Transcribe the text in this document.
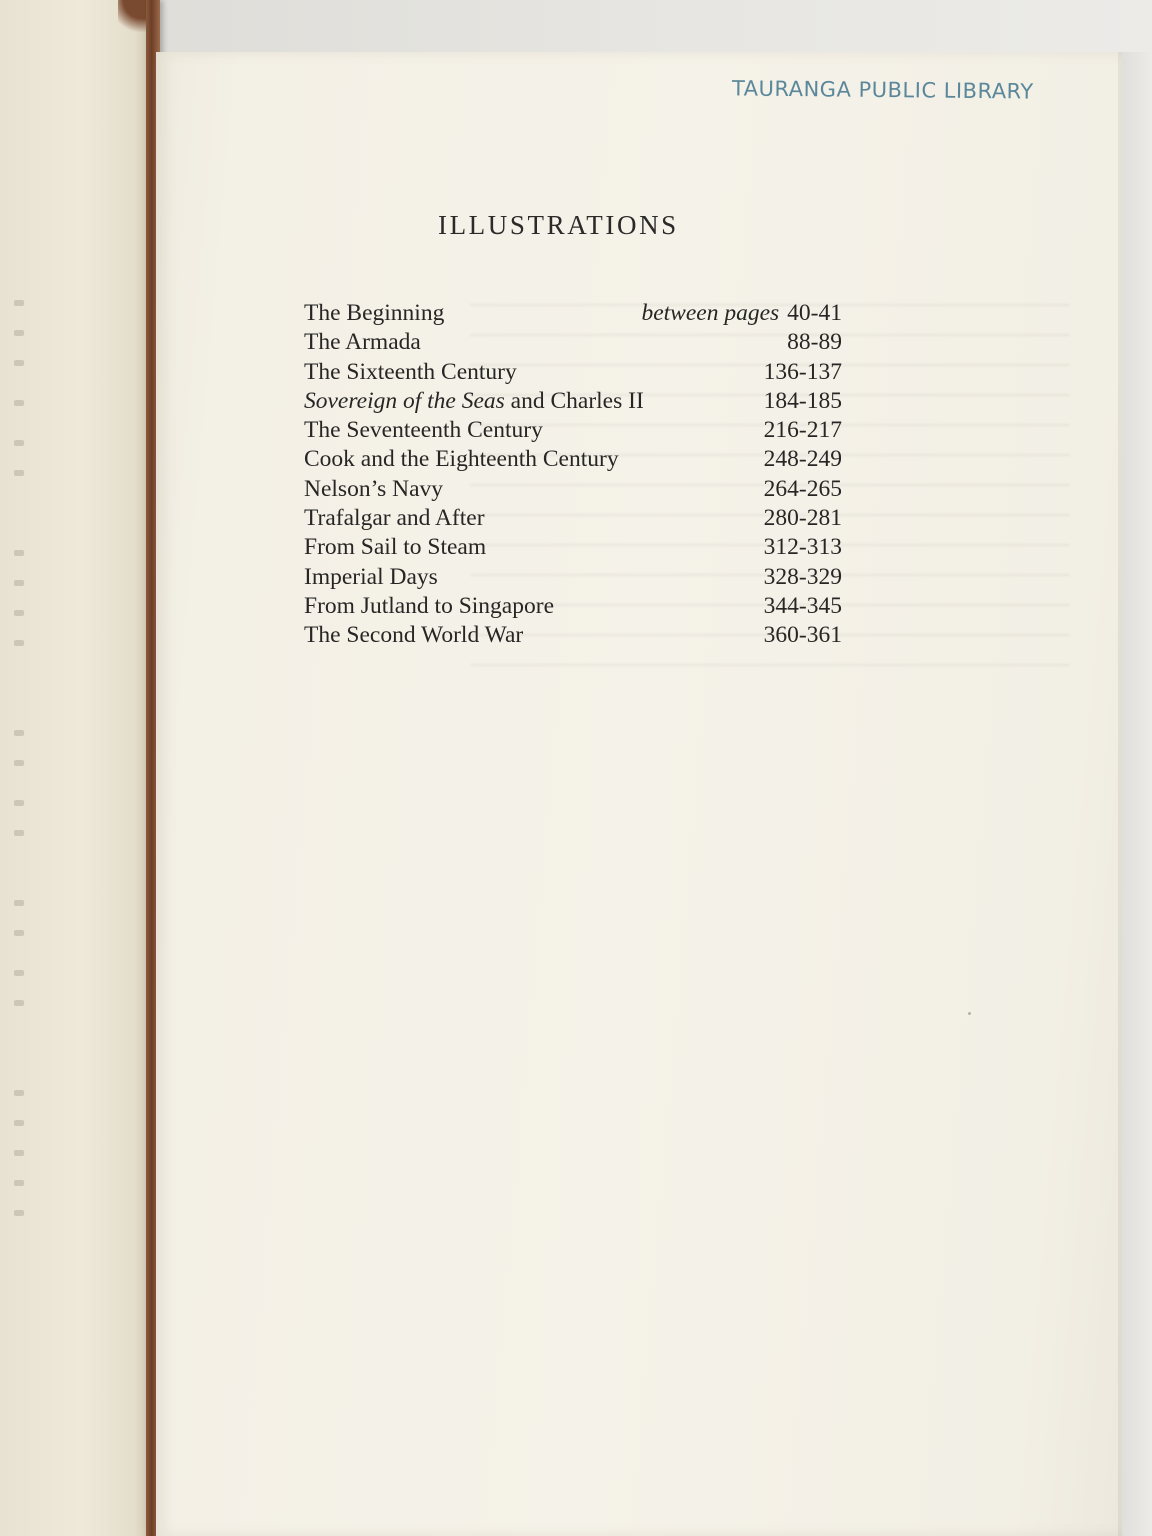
TAURANGA PUBLIC LIBRARY
ILLUSTRATIONS
The Beginning	between pages 40-41
The Armada	88-89
The Sixteenth Century	136-137
Sovereign of the Seas and Charles II	184-185
The Seventeenth Century	216-217
Cook and the Eighteenth Century	248-249
Nelson’s Navy	264-265
Trafalgar and After	280-281
From Sail to Steam	312-313
Imperial Days	328-329
From Jutland to Singapore	344-345
The Second World War	360-361
